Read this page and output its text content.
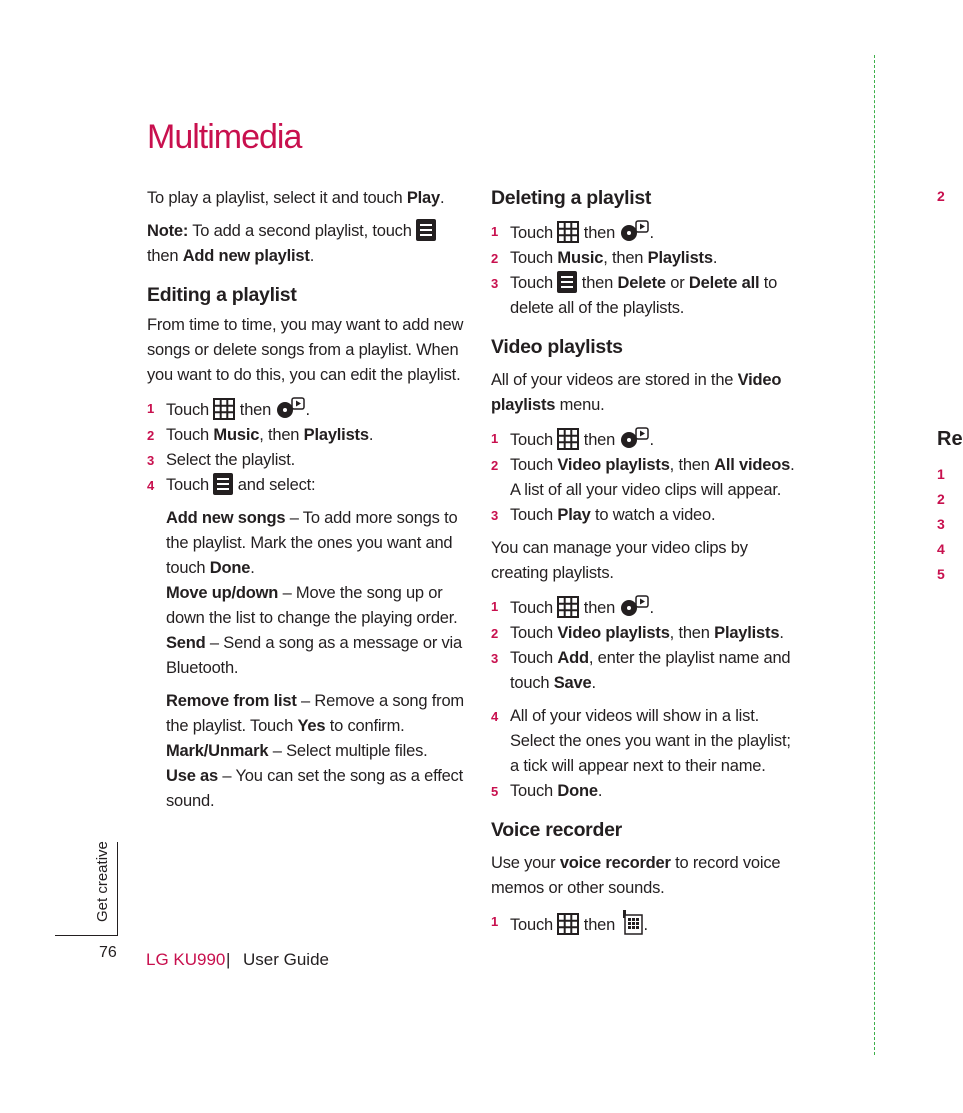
Multimedia

To play a playlist, select it and touch Play.

Note: To add a second playlist, touch

then Add new playlist.

Editing a playlist

From time to time, you may want to add new songs or delete songs from a playlist. When you want to do this, you can edit the playlist.

1 Touch  then .
2 Touch Music, then Playlists.
3 Select the playlist.
4 Touch
and select:

Add new songs – To add more songs to the playlist. Mark the ones you want and touch Done.

Move up/down – Move the song up or down the list to change the playing order.

Send – Send a song as a message or via Bluetooth.

Remove from list – Remove a song from the playlist. Touch Yes to confirm.

Mark/Unmark – Select multiple files.

Use as – You can set the song as a effect sound.

Deleting a playlist
1 Touch  then .
2 Touch Music, then Playlists.
3 Touch
then Delete or Delete all to delete all of the playlists.
Video playlists

All of your videos are stored in the Video playlists menu.

1 Touch  then .
2 Touch Video playlists, then All videos. A list of all your video clips will appear.
3 Touch Play to watch a video.

You can manage your video clips by creating playlists.

1 Touch  then .
2 Touch Video playlists, then Playlists.
3 Touch Add, enter the playlist name and touch Save.
4 All of your videos will show in a list. Select the ones you want in the playlist; a tick will appear next to their name.
5 Touch Done.
Voice recorder

Use your voice recorder to record voice memos or other sounds.

1 Touch  then .
Get creative
76 LG KU990 | User Guide
2
Re
1
2
3
4
5
